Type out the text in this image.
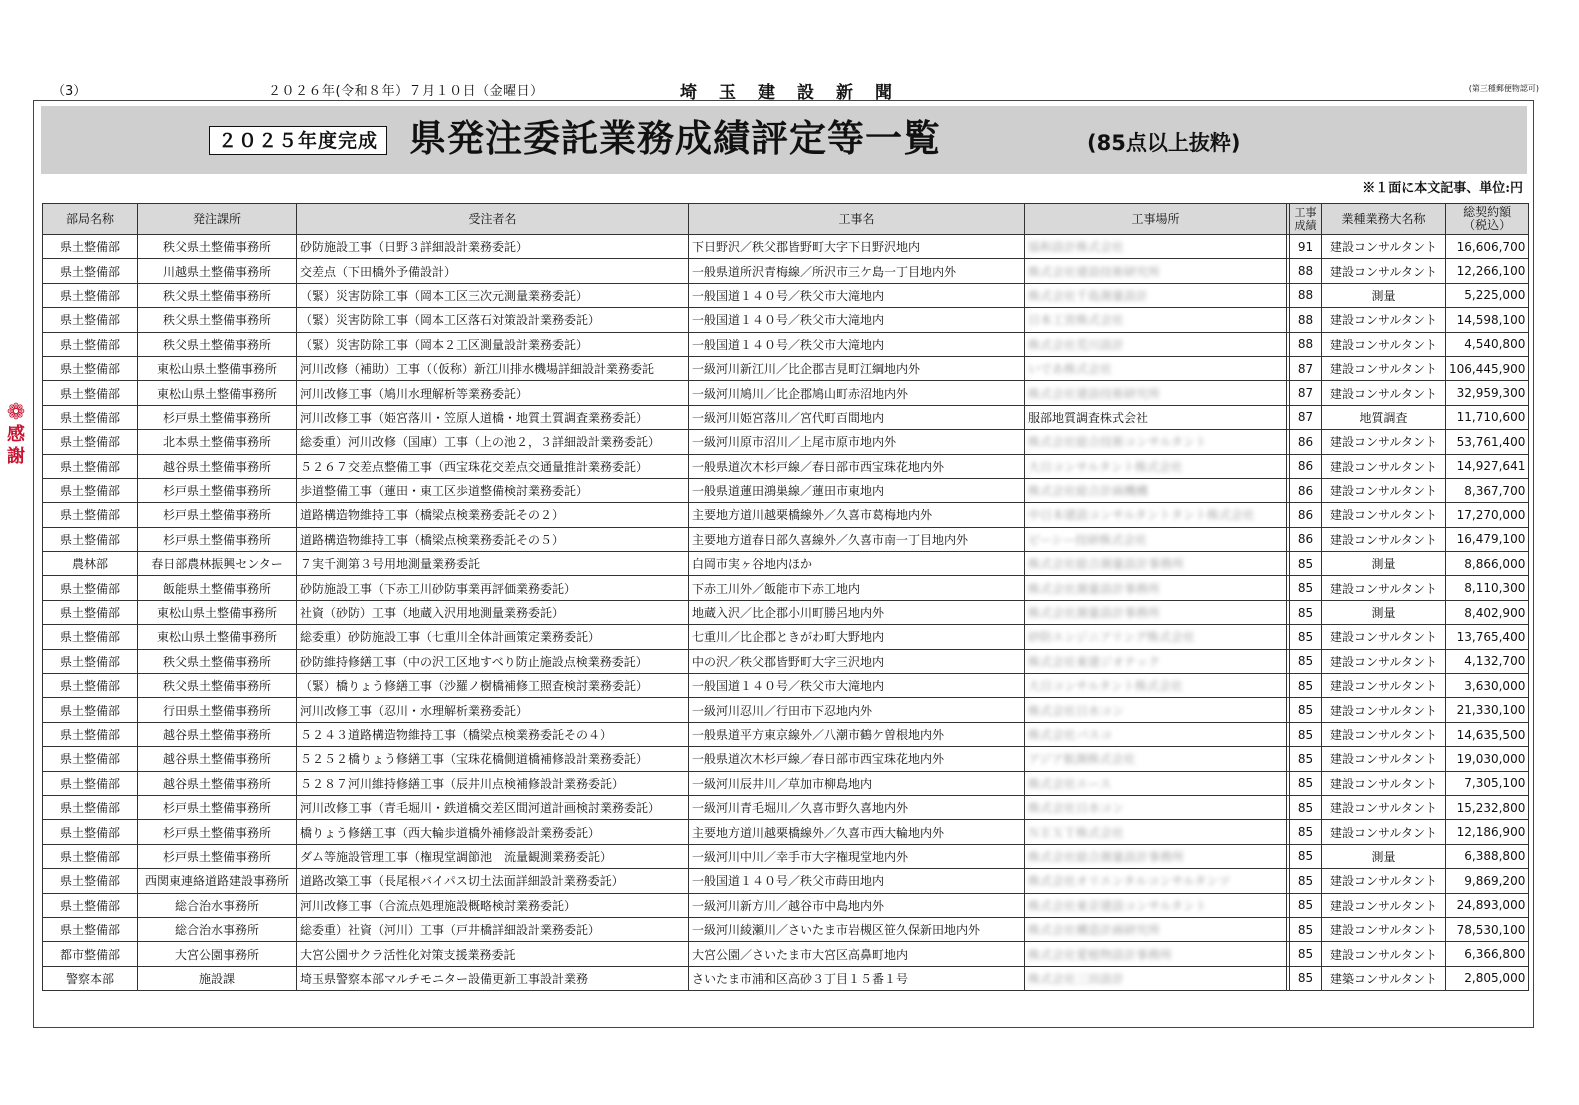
（3）	２０２６年(令和８年）７月１０日（金曜日）	埼玉建設新聞	(第三種郵便物認可)
❁
感
謝
２０２５年度完成 県発注委託業務成績評定等一覧	(85点以上抜粋)
※１面に本文記事、単位:円
部局名称	発注課所	受注者名	工事名	工事場所		工事
成績	業種業務大名称	総契約額
（税込）
県土整備部	秩父県土整備事務所	砂防施設工事（日野３詳細設計業務委託）	下日野沢／秩父郡皆野町大字下日野沢地内	協和設計株式会社		91	建設コンサルタント	16,606,700
県土整備部	川越県土整備事務所	交差点（下田橋外予備設計）	一般県道所沢青梅線／所沢市三ケ島一丁目地内外	株式会社建設技術研究所		88	建設コンサルタント	12,266,100
県土整備部	秩父県土整備事務所	（緊）災害防除工事（岡本工区三次元測量業務委託）	一般国道１４０号／秩父市大滝地内	株式会社千島測量設計		88	測量	5,225,000
県土整備部	秩父県土整備事務所	（緊）災害防除工事（岡本工区落石対策設計業務委託）	一般国道１４０号／秩父市大滝地内	日本工営株式会社		88	建設コンサルタント	14,598,100
県土整備部	秩父県土整備事務所	（緊）災害防除工事（岡本２工区測量設計業務委託）	一般国道１４０号／秩父市大滝地内	株式会社荒川設計		88	建設コンサルタント	4,540,800
県土整備部	東松山県土整備事務所	河川改修（補助）工事（（仮称）新江川排水機場詳細設計業務委託	一級河川新江川／比企郡吉見町江綱地内外	いであ株式会社		87	建設コンサルタント	106,445,900
県土整備部	東松山県土整備事務所	河川改修工事（鳩川水理解析等業務委託）	一級河川鳩川／比企郡鳩山町赤沼地内外	株式会社建設技術研究所		87	建設コンサルタント	32,959,300
県土整備部	杉戸県土整備事務所	河川改修工事（姫宮落川・笠原人道橋・地質土質調査業務委託）	一級河川姫宮落川／宮代町百間地内	服部地質調査株式会社		87	地質調査	11,710,600
県土整備部	北本県土整備事務所	総委重）河川改修（国庫）工事（上の池２，３詳細設計業務委託）	一級河川原市沼川／上尾市原市地内外	株式会社総合技術コンサルタント		86	建設コンサルタント	53,761,400
県土整備部	越谷県土整備事務所	５２６７交差点整備工事（西宝珠花交差点交通量推計業務委託）	一般県道次木杉戸線／春日部市西宝珠花地内外	大日コンサルタント株式会社		86	建設コンサルタント	14,927,641
県土整備部	杉戸県土整備事務所	歩道整備工事（蓮田・東工区歩道整備検討業務委託）	一般県道蓮田鴻巣線／蓮田市東地内	株式会社総合計画機構		86	建設コンサルタント	8,367,700
県土整備部	杉戸県土整備事務所	道路構造物維持工事（橋梁点検業務委託その２）	主要地方道川越栗橋線外／久喜市葛梅地内外	中日本建設コンサルタントタント株式会社		86	建設コンサルタント	17,270,000
県土整備部	杉戸県土整備事務所	道路構造物維持工事（橋梁点検業務委託その５）	主要地方道春日部久喜線外／久喜市南一丁目地内外	ピーシー技研株式会社		86	建設コンサルタント	16,479,100
農林部	春日部農林振興センター	７実千測第３号用地測量業務委託	白岡市実ヶ谷地内ほか	株式会社総合測量設計事務所		85	測量	8,866,000
県土整備部	飯能県土整備事務所	砂防施設工事（下赤工川砂防事業再評価業務委託）	下赤工川外／飯能市下赤工地内	株式会社測量設計事務所		85	建設コンサルタント	8,110,300
県土整備部	東松山県土整備事務所	社資（砂防）工事（地蔵入沢用地測量業務委託）	地蔵入沢／比企郡小川町勝呂地内外	株式会社測量設計事務所		85	測量	8,402,900
県土整備部	東松山県土整備事務所	総委重）砂防施設工事（七重川全体計画策定業務委託）	七重川／比企郡ときがわ町大野地内	砂防エンジニアリング株式会社		85	建設コンサルタント	13,765,400
県土整備部	秩父県土整備事務所	砂防維持修繕工事（中の沢工区地すべり防止施設点検業務委託）	中の沢／秩父郡皆野町大字三沢地内	株式会社東建ジオテック		85	建設コンサルタント	4,132,700
県土整備部	秩父県土整備事務所	（緊）橋りょう修繕工事（沙羅ノ樹橋補修工照査検討業務委託）	一般国道１４０号／秩父市大滝地内	大日コンサルタント株式会社		85	建設コンサルタント	3,630,000
県土整備部	行田県土整備事務所	河川改修工事（忍川・水理解析業務委託）	一級河川忍川／行田市下忍地内外	株式会社日水コン		85	建設コンサルタント	21,330,100
県土整備部	越谷県土整備事務所	５２４３道路構造物維持工事（橋梁点検業務委託その４）	一般県道平方東京線外／八潮市鶴ケ曽根地内外	株式会社パスコ		85	建設コンサルタント	14,635,500
県土整備部	越谷県土整備事務所	５２５２橋りょう修繕工事（宝珠花橋側道橋補修設計業務委託）	一般県道次木杉戸線／春日部市西宝珠花地内外	アジア航測株式会社		85	建設コンサルタント	19,030,000
県土整備部	越谷県土整備事務所	５２８７河川維持修繕工事（辰井川点検補修設計業務委託）	一級河川辰井川／草加市柳島地内	株式会社エース		85	建設コンサルタント	7,305,100
県土整備部	杉戸県土整備事務所	河川改修工事（青毛堀川・鉄道橋交差区間河道計画検討業務委託）	一級河川青毛堀川／久喜市野久喜地内外	株式会社日水コン		85	建設コンサルタント	15,232,800
県土整備部	杉戸県土整備事務所	橋りょう修繕工事（西大輪歩道橋外補修設計業務委託）	主要地方道川越栗橋線外／久喜市西大輪地内外	ＮＥＸＴ株式会社		85	建設コンサルタント	12,186,900
県土整備部	杉戸県土整備事務所	ダム等施設管理工事（権現堂調節池　流量観測業務委託）	一級河川中川／幸手市大字権現堂地内外	株式会社総合測量設計事務所		85	測量	6,388,800
県土整備部	西関東連絡道路建設事務所	道路改築工事（長尾根バイパス切土法面詳細設計業務委託）	一般国道１４０号／秩父市蒔田地内	株式会社オリエンタルコンサルタンツ		85	建設コンサルタント	9,869,200
県土整備部	総合治水事務所	河川改修工事（合流点処理施設概略検討業務委託）	一級河川新方川／越谷市中島地内外	株式会社東京建設コンサルタント		85	建設コンサルタント	24,893,000
県土整備部	総合治水事務所	総委重）社資（河川）工事（戸井橋詳細設計業務委託）	一級河川綾瀬川／さいたま市岩槻区笹久保新田地内外	株式会社構造計画研究所		85	建設コンサルタント	78,530,100
都市整備部	大宮公園事務所	大宮公園サクラ活性化対策支援業務委託	大宮公園／さいたま市大宮区高鼻町地内	株式会社愛植物設計事務所		85	建設コンサルタント	6,366,800
警察本部	施設課	埼玉県警察本部マルチモニター設備更新工事設計業務	さいたま市浦和区高砂３丁目１５番１号	株式会社三田設計		85	建築コンサルタント	2,805,000
